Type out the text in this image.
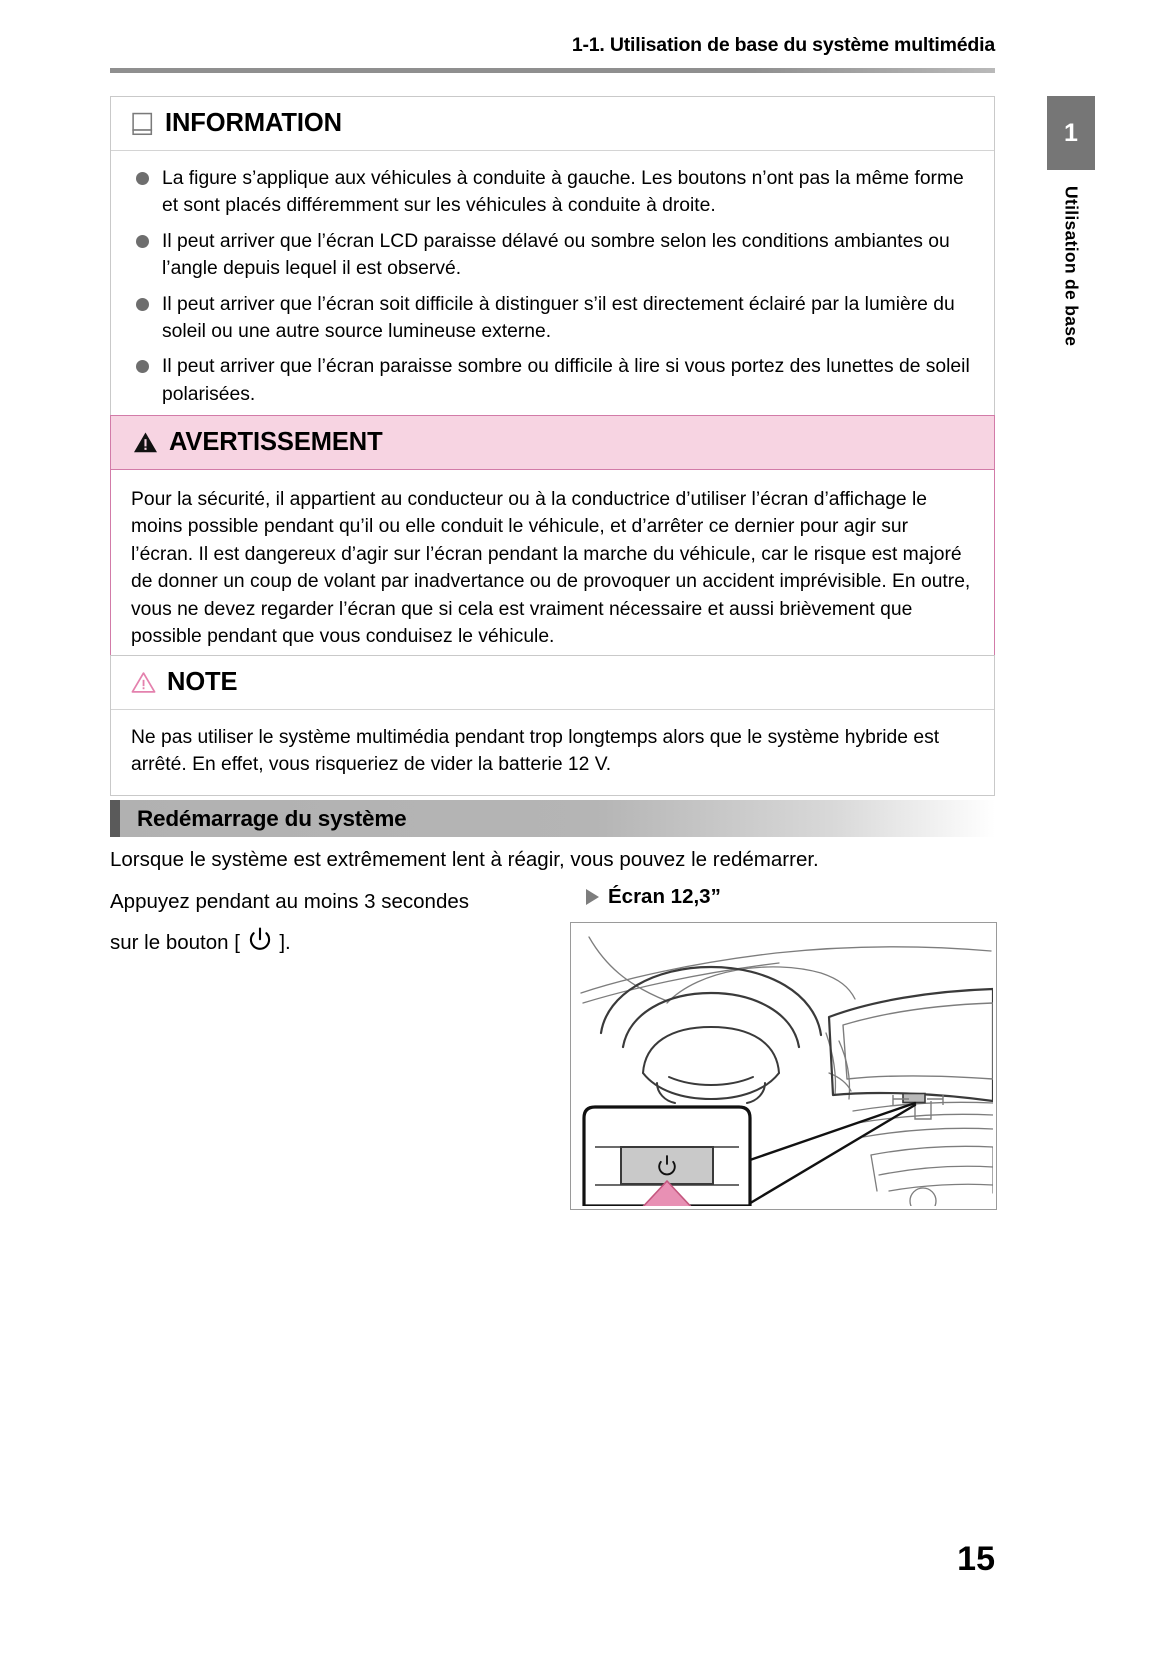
1-1. Utilisation de base du système multimédia
1
Utilisation de base
INFORMATION
La figure s’applique aux véhicules à conduite à gauche. Les boutons n’ont pas la même forme et sont placés différemment sur les véhicules à conduite à droite.
Il peut arriver que l’écran LCD paraisse délavé ou sombre selon les conditions ambiantes ou l’angle depuis lequel il est observé.
Il peut arriver que l’écran soit difficile à distinguer s’il est directement éclairé par la lumière du soleil ou une autre source lumineuse externe.
Il peut arriver que l’écran paraisse sombre ou difficile à lire si vous portez des lunettes de soleil polarisées.
AVERTISSEMENT
Pour la sécurité, il appartient au conducteur ou à la conductrice d’utiliser l’écran d’affichage le moins possible pendant qu’il ou elle conduit le véhicule, et d’arrêter ce dernier pour agir sur l’écran. Il est dangereux d’agir sur l’écran pendant la marche du véhicule, car le risque est majoré de donner un coup de volant par inadvertance ou de provoquer un accident imprévisible. En outre, vous ne devez regarder l’écran que si cela est vraiment nécessaire et aussi brièvement que possible pendant que vous conduisez le véhicule.
NOTE
Ne pas utiliser le système multimédia pendant trop longtemps alors que le système hybride est arrêté. En effet, vous risqueriez de vider la batterie 12 V.
Redémarrage du système
Lorsque le système est extrêmement lent à réagir, vous pouvez le redémarrer.
Appuyez pendant au moins 3 secondes
sur le bouton [ ].
Écran 12,3”
15
